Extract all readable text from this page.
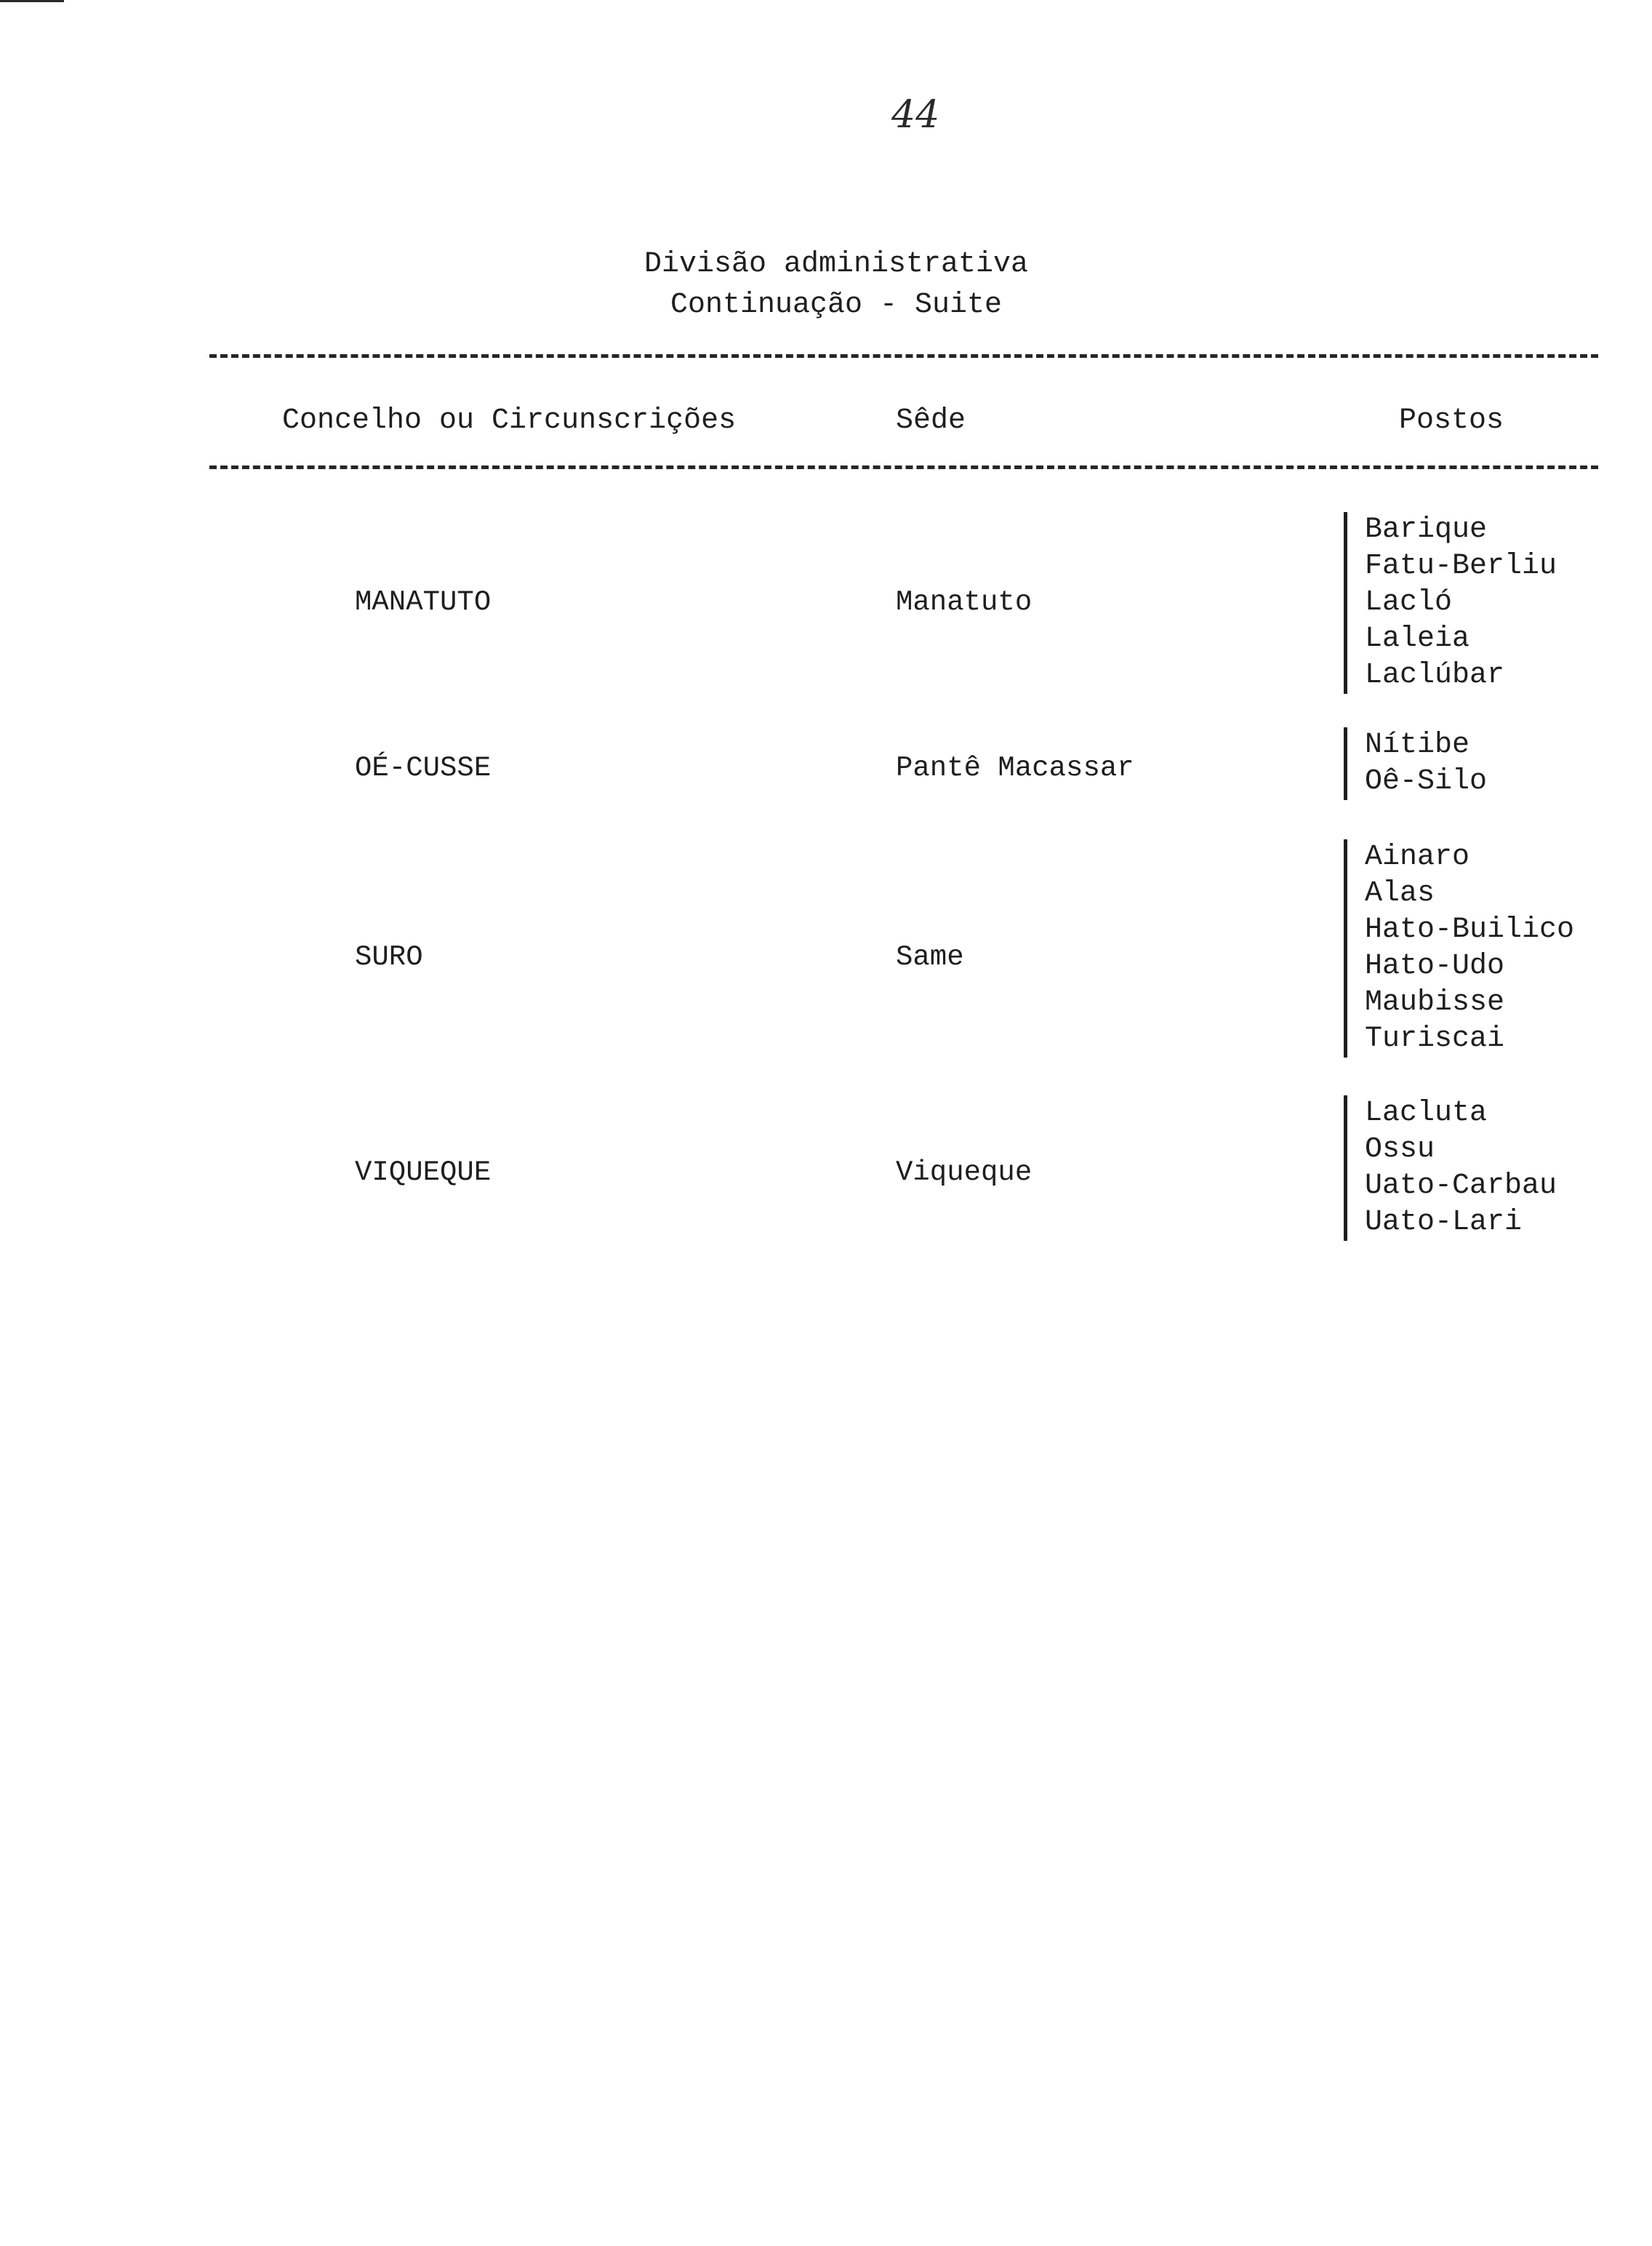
44
Divisão administrativa
Continuação - Suite
Concelho ou Circunscrições	Sêde	Postos
MANATUTO	Manatuto
Barique
Fatu-Berliu
Lacló
Laleia
Laclúbar
OÉ-CUSSE	Pantê Macassar
Nítibe
Oê-Silo
SURO	Same
Ainaro
Alas
Hato-Builico
Hato-Udo
Maubisse
Turiscai
VIQUEQUE	Viqueque
Lacluta
Ossu
Uato-Carbau
Uato-Lari
